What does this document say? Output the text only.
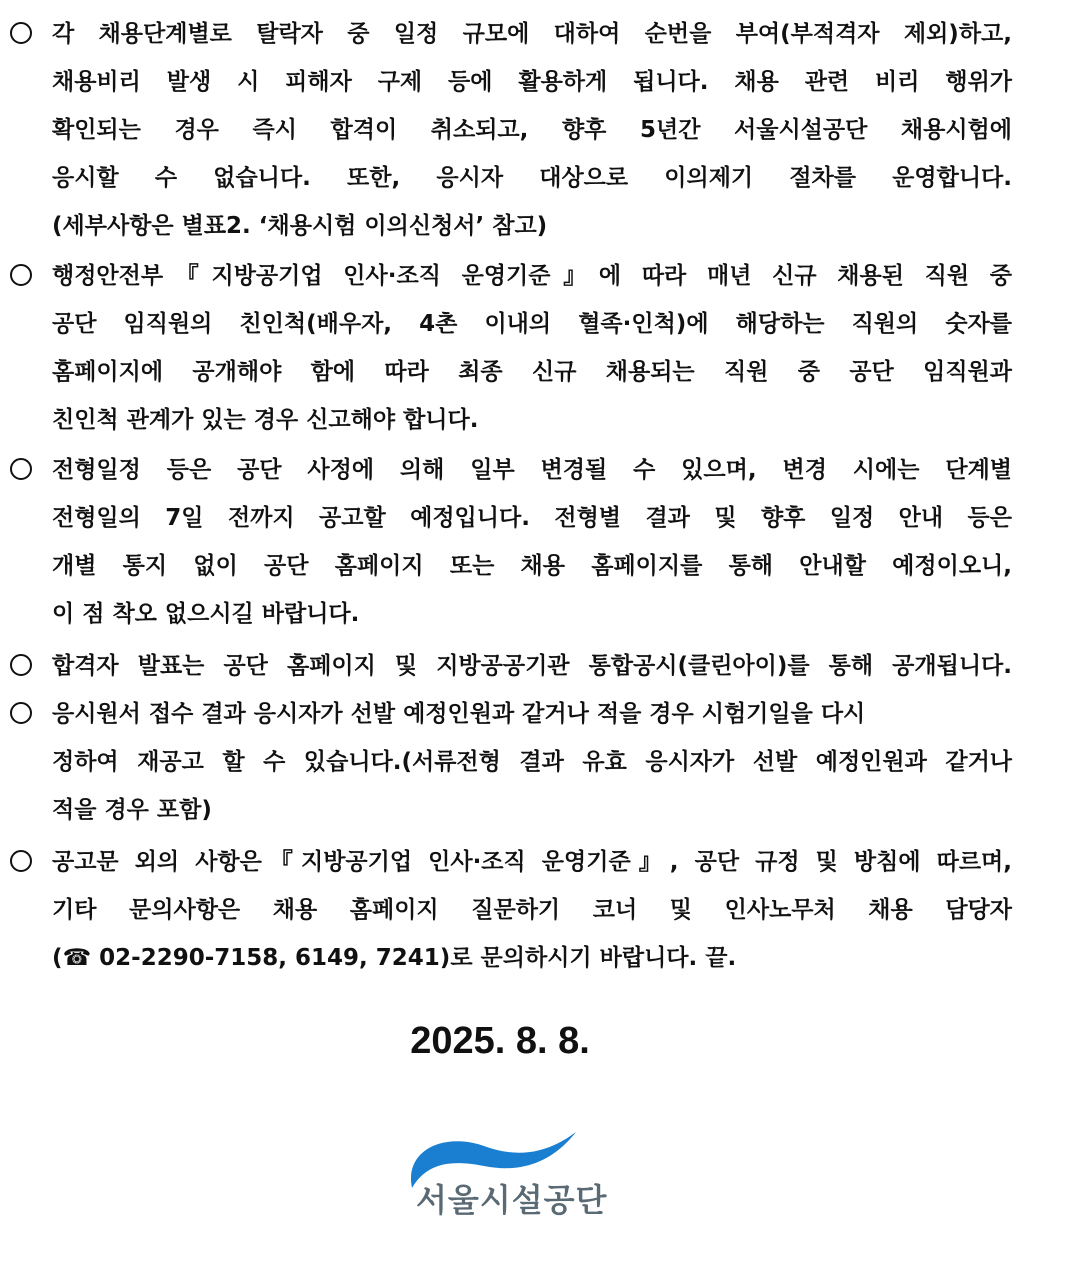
각 채용단계별로 탈락자 중 일정 규모에 대하여 순번을 부여(부적격자 제외)하고,
채용비리 발생 시 피해자 구제 등에 활용하게 됩니다. 채용 관련 비리 행위가
확인되는 경우 즉시 합격이 취소되고, 향후 5년간 서울시설공단 채용시험에
응시할 수 없습니다. 또한, 응시자 대상으로 이의제기 절차를 운영합니다.
(세부사항은 별표2. ‘채용시험 이의신청서’ 참고)
행정안전부『지방공기업 인사·조직 운영기준』에 따라 매년 신규 채용된 직원 중
공단 임직원의 친인척(배우자, 4촌 이내의 혈족·인척)에 해당하는 직원의 숫자를
홈페이지에 공개해야 함에 따라 최종 신규 채용되는 직원 중 공단 임직원과
친인척 관계가 있는 경우 신고해야 합니다.
전형일정 등은 공단 사정에 의해 일부 변경될 수 있으며, 변경 시에는 단계별
전형일의 7일 전까지 공고할 예정입니다. 전형별 결과 및 향후 일정 안내 등은
개별 통지 없이 공단 홈페이지 또는 채용 홈페이지를 통해 안내할 예정이오니,
이 점 착오 없으시길 바랍니다.
합격자 발표는 공단 홈페이지 및 지방공공기관 통합공시(클린아이)를 통해 공개됩니다.
응시원서 접수 결과 응시자가 선발 예정인원과 같거나 적을 경우 시험기일을 다시
정하여 재공고 할 수 있습니다.(서류전형 결과 유효 응시자가 선발 예정인원과 같거나
적을 경우 포함)
공고문 외의 사항은『지방공기업 인사·조직 운영기준』, 공단 규정 및 방침에 따르며,
기타 문의사항은 채용 홈페이지 질문하기 코너 및 인사노무처 채용 담당자
(☎ 02-2290-7158, 6149, 7241)로 문의하시기 바랍니다. 끝.
2025. 8. 8.
서울시설공단
